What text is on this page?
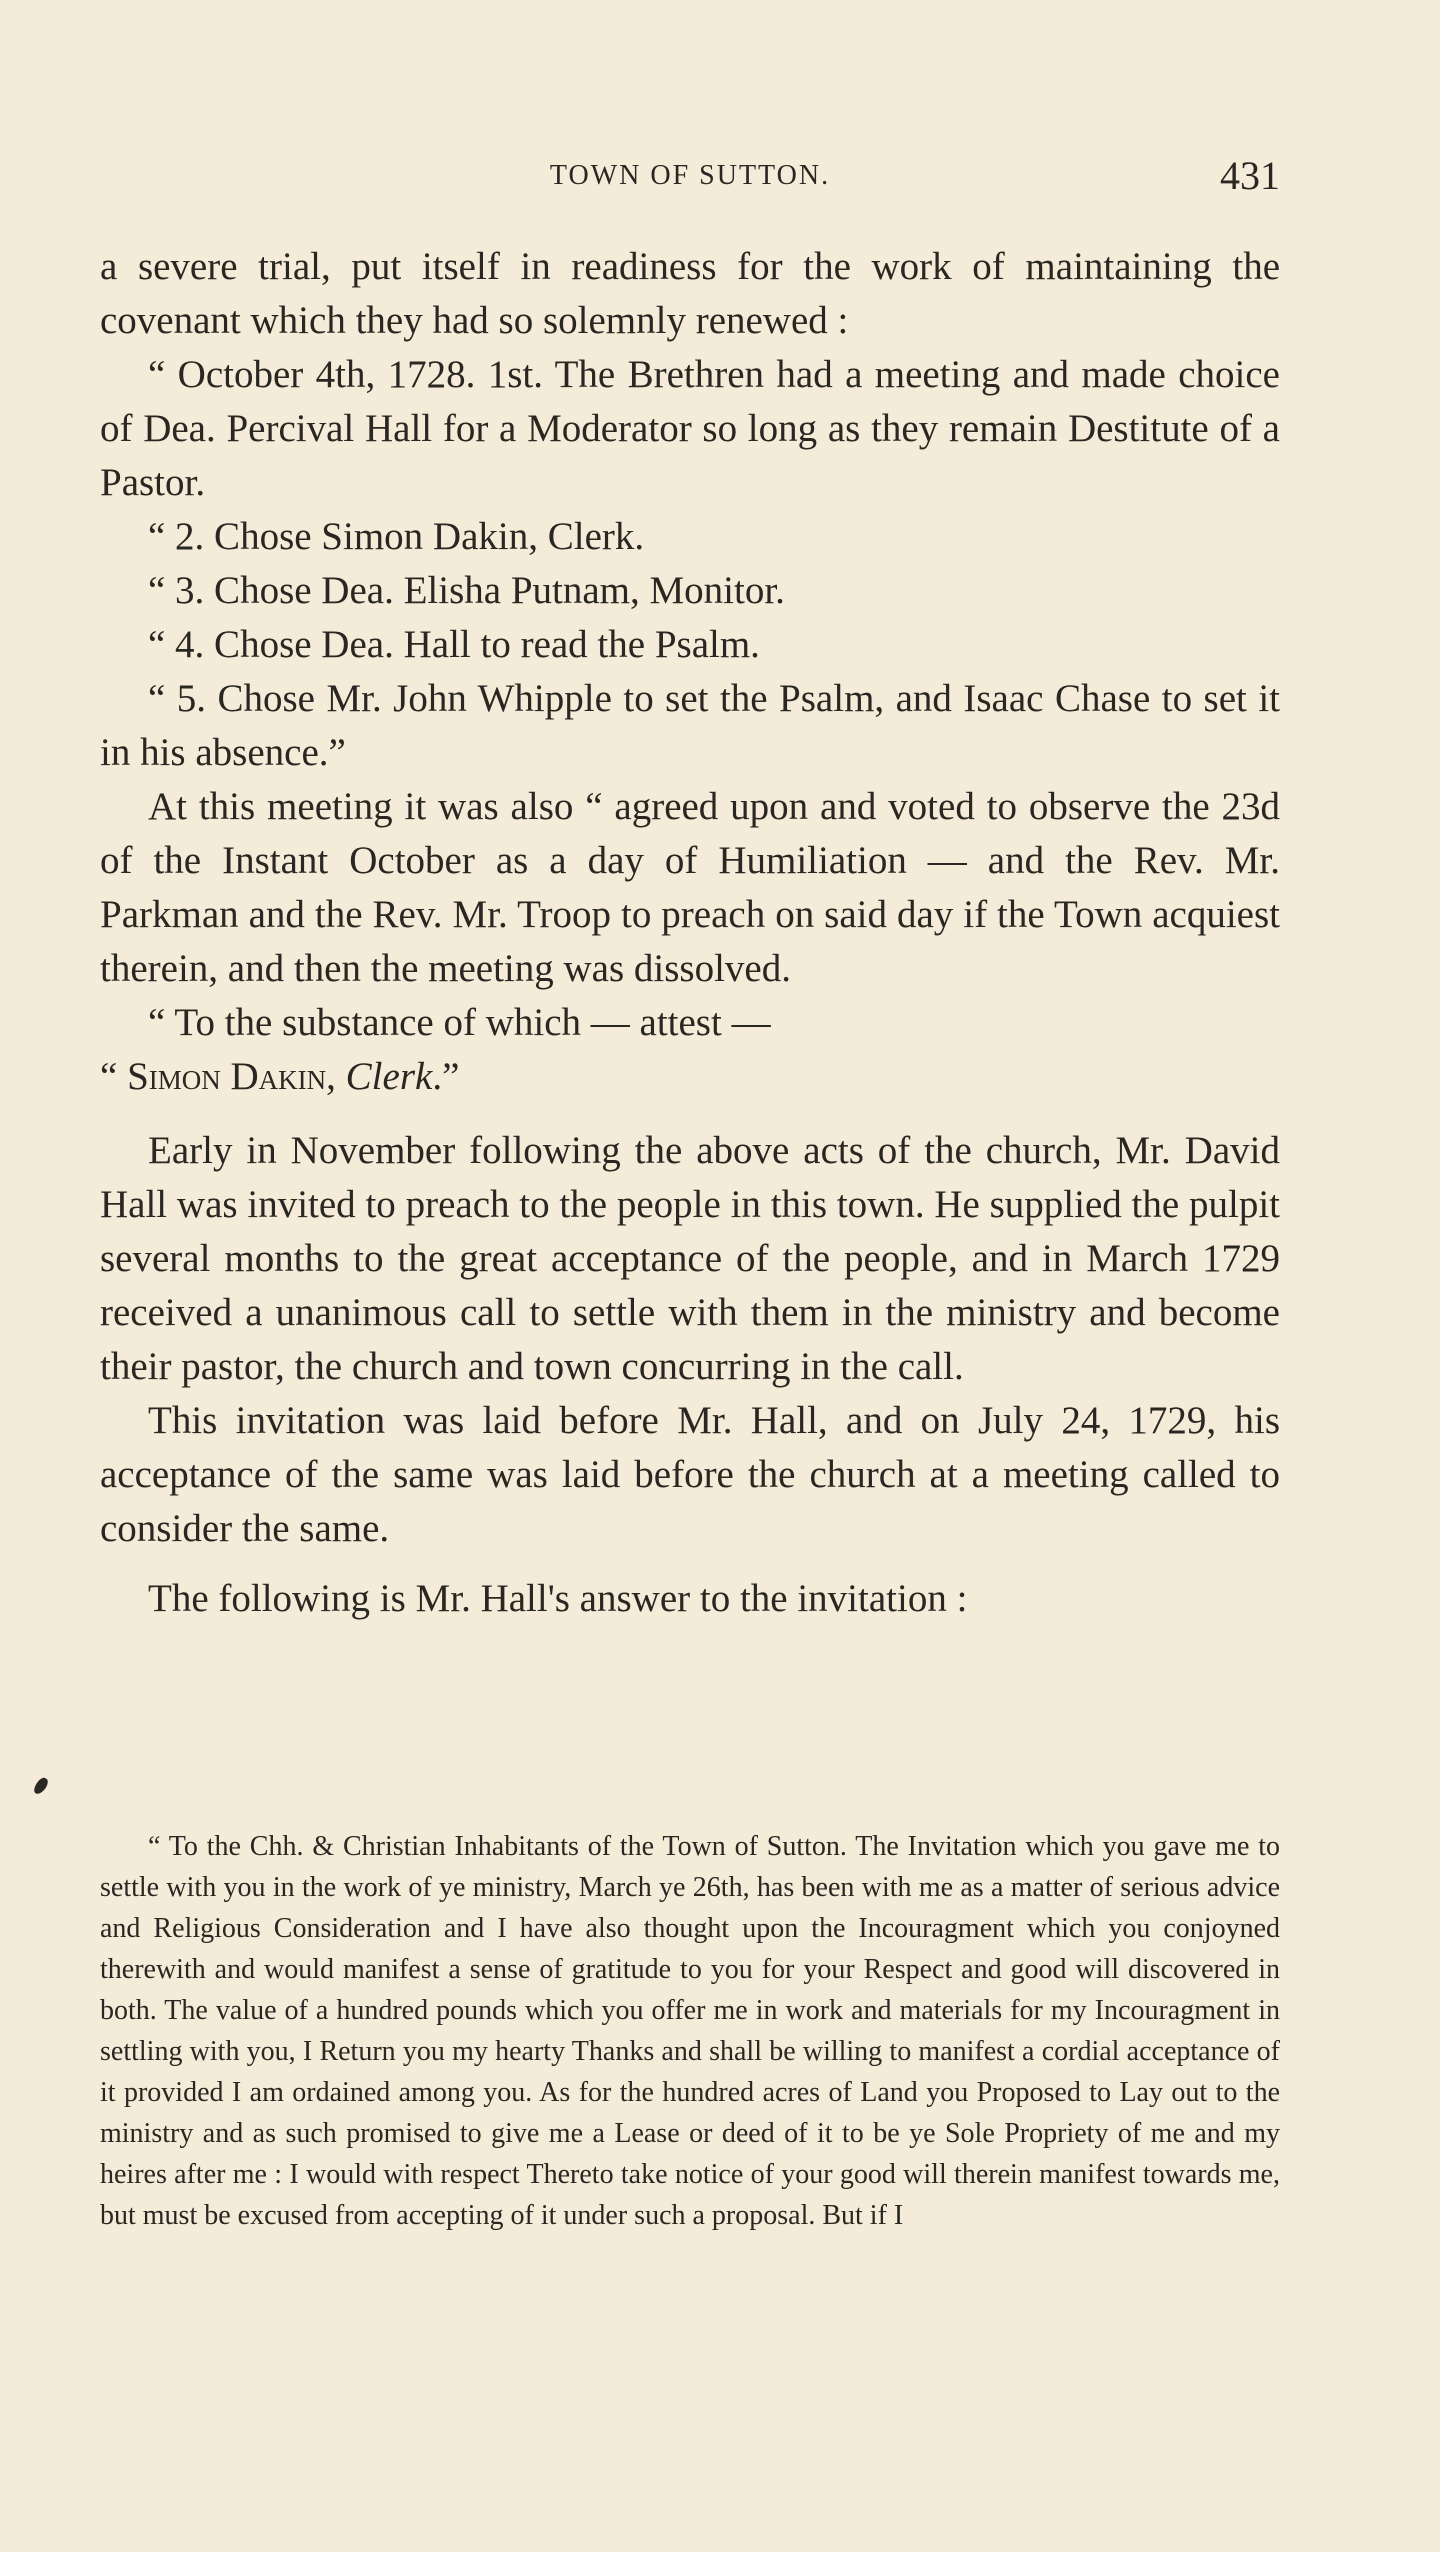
TOWN OF SUTTON.	431

a severe trial, put itself in readiness for the work of maintaining the covenant which they had so solemnly renewed :

“ October 4th, 1728. 1st. The Brethren had a meeting and made choice of Dea. Percival Hall for a Moderator so long as they remain Destitute of a Pastor.

“ 2. Chose Simon Dakin, Clerk.

“ 3. Chose Dea. Elisha Putnam, Monitor.

“ 4. Chose Dea. Hall to read the Psalm.

“ 5. Chose Mr. John Whipple to set the Psalm, and Isaac Chase to set it in his absence.”

At this meeting it was also “ agreed upon and voted to observe the 23d of the Instant October as a day of Humiliation — and the Rev. Mr. Parkman and the Rev. Mr. Troop to preach on said day if the Town acquiest therein, and then the meeting was dissolved.

“ To the substance of which — attest —

“ Simon Dakin, Clerk.”

Early in November following the above acts of the church, Mr. David Hall was invited to preach to the people in this town. He supplied the pulpit several months to the great acceptance of the people, and in March 1729 received a unanimous call to settle with them in the ministry and become their pastor, the church and town concurring in the call.

This invitation was laid before Mr. Hall, and on July 24, 1729, his acceptance of the same was laid before the church at a meeting called to consider the same.

The following is Mr. Hall's answer to the invitation :

“ To the Chh. & Christian Inhabitants of the Town of Sutton. The Invitation which you gave me to settle with you in the work of ye ministry, March ye 26th, has been with me as a matter of serious advice and Religious Consideration and I have also thought upon the Incouragment which you conjoyned therewith and would manifest a sense of gratitude to you for your Respect and good will discovered in both. The value of a hundred pounds which you offer me in work and materials for my Incouragment in settling with you, I Return you my hearty Thanks and shall be willing to manifest a cordial acceptance of it provided I am ordained among you. As for the hundred acres of Land you Proposed to Lay out to the ministry and as such promised to give me a Lease or deed of it to be ye Sole Propriety of me and my heires after me : I would with respect Thereto take notice of your good will therein manifest towards me, but must be excused from accepting of it under such a proposal. But if I
